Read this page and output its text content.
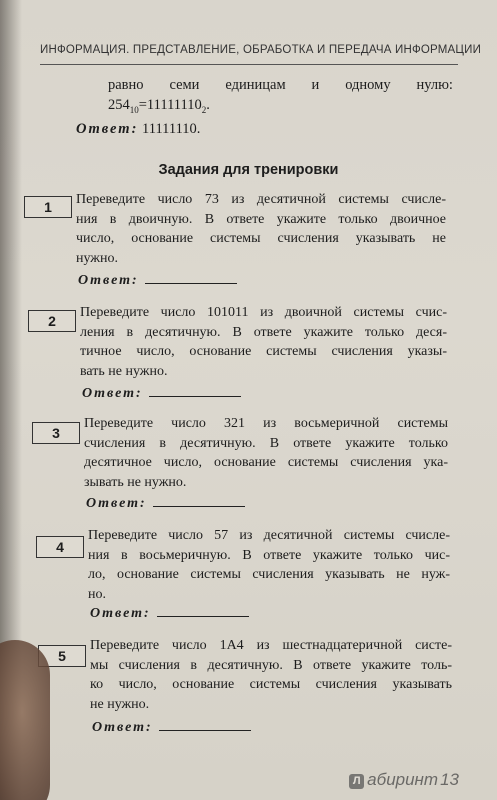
ИНФОРМАЦИЯ. ПРЕДСТАВЛЕНИЕ, ОБРАБОТКА И ПЕРЕДАЧА ИНФОРМАЦИИ
равно семи единицам и одному нулю:
$254_{10}=11111110_2$.
Ответ: 11111110.
Задания для тренировки
1	Переведите число 73 из десятичной системы счисле-
ния в двоичную. В ответе укажите только двоичное
число, основание системы счисления указывать не
нужно.
Ответ:
2
Переведите число 101011 из двоичной системы счис-
ления в десятичную. В ответе укажите только деся-
тичное число, основание системы счисления указы-
вать не нужно.
Ответ:
3
Переведите число 321 из восьмеричной системы
счисления в десятичную. В ответе укажите только
десятичное число, основание системы счисления ука-
зывать не нужно.
Ответ:
4
Переведите число 57 из десятичной системы счисле-
ния в восьмеричную. В ответе укажите только чис-
ло, основание системы счисления указывать не нуж-
но.
Ответ:
5
Переведите число 1А4 из шестнадцатеричной систе-
мы счисления в десятичную. В ответе укажите толь-
ко число, основание системы счисления указывать
не нужно.
Ответ:
Л абиринт 13
